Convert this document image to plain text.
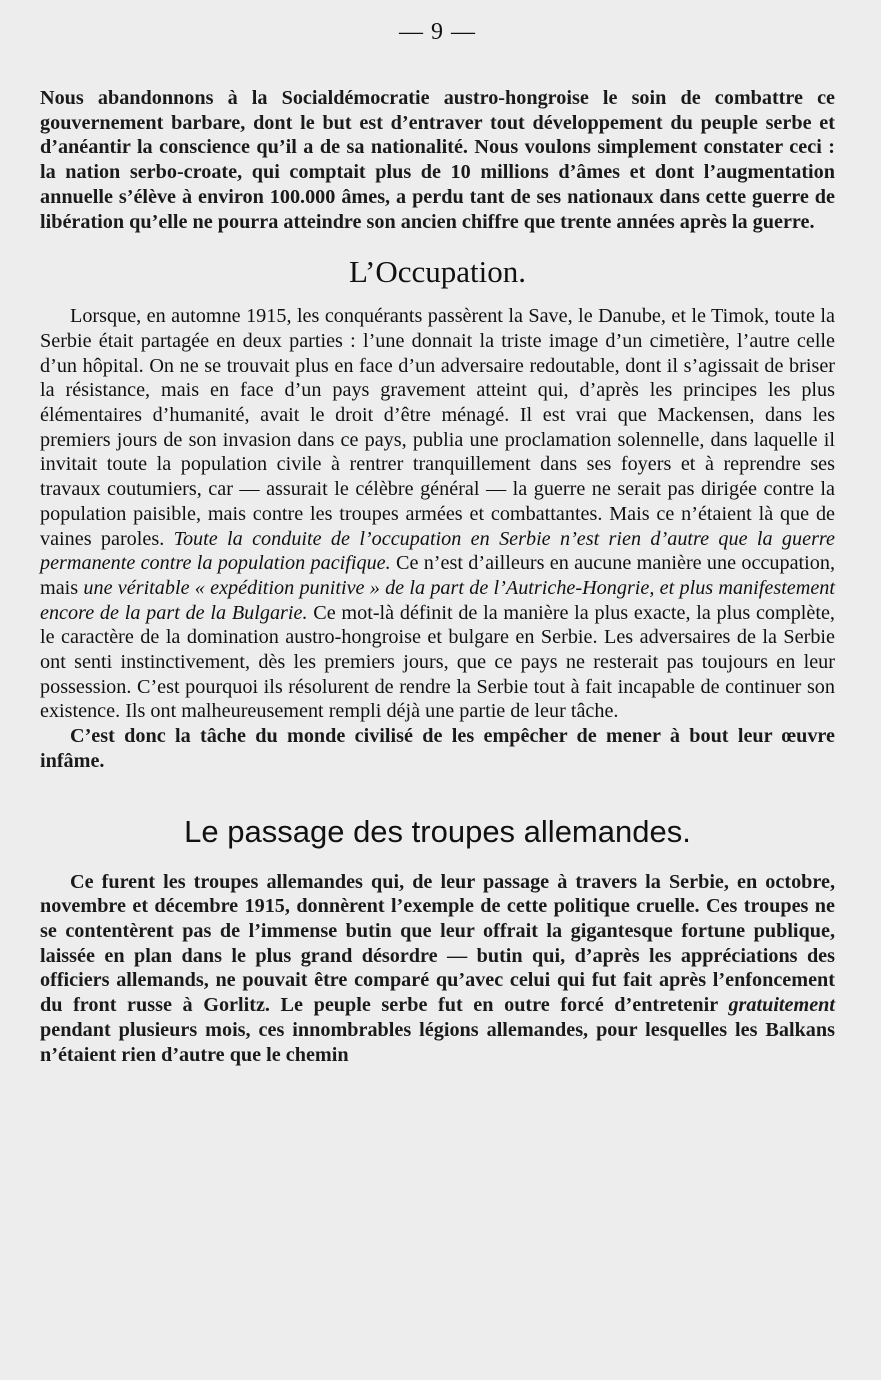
— 9 —

Nous abandonnons à la Socialdémocratie austro-hongroise le soin de combattre ce gouvernement barbare, dont le but est d’entraver tout développement du peuple serbe et d’anéantir la conscience qu’il a de sa nationalité. Nous voulons simplement constater ceci : la nation serbo-croate, qui comptait plus de 10 millions d’âmes et dont l’augmentation annuelle s’élève à environ 100.000 âmes, a perdu tant de ses nationaux dans cette guerre de libération qu’elle ne pourra atteindre son ancien chiffre que trente années après la guerre.

L’Occupation.

Lorsque, en automne 1915, les conquérants passèrent la Save, le Danube, et le Timok, toute la Serbie était partagée en deux parties : l’une donnait la triste image d’un cimetière, l’autre celle d’un hôpital. On ne se trouvait plus en face d’un adversaire redoutable, dont il s’agissait de briser la résistance, mais en face d’un pays gravement atteint qui, d’après les principes les plus élémentaires d’humanité, avait le droit d’être ménagé. Il est vrai que Mackensen, dans les premiers jours de son invasion dans ce pays, publia une proclamation solennelle, dans laquelle il invitait toute la population civile à rentrer tranquillement dans ses foyers et à reprendre ses travaux coutumiers, car — assurait le célèbre général — la guerre ne serait pas dirigée contre la population paisible, mais contre les troupes armées et combattantes. Mais ce n’étaient là que de vaines paroles. Toute la conduite de l’occupation en Serbie n’est rien d’autre que la guerre permanente contre la population pacifique. Ce n’est d’ailleurs en aucune manière une occupation, mais une véritable « expédition punitive » de la part de l’Autriche-Hongrie, et plus manifestement encore de la part de la Bulgarie. Ce mot-là définit de la manière la plus exacte, la plus complète, le caractère de la domination austro-hongroise et bulgare en Serbie. Les adversaires de la Serbie ont senti instinctivement, dès les premiers jours, que ce pays ne resterait pas toujours en leur possession. C’est pourquoi ils résolurent de rendre la Serbie tout à fait incapable de continuer son existence. Ils ont malheureusement rempli déjà une partie de leur tâche.

C’est donc la tâche du monde civilisé de les empêcher de mener à bout leur œuvre infâme.

Le passage des troupes allemandes.

Ce furent les troupes allemandes qui, de leur passage à travers la Serbie, en octobre, novembre et décembre 1915, donnèrent l’exemple de cette politique cruelle. Ces troupes ne se contentèrent pas de l’immense butin que leur offrait la gigantesque fortune publique, laissée en plan dans le plus grand désordre — butin qui, d’après les appréciations des officiers allemands, ne pouvait être comparé qu’avec celui qui fut fait après l’enfoncement du front russe à Gorlitz. Le peuple serbe fut en outre forcé d’entretenir gratuitement pendant plusieurs mois, ces innombrables légions allemandes, pour lesquelles les Balkans n’étaient rien d’autre que le chemin
